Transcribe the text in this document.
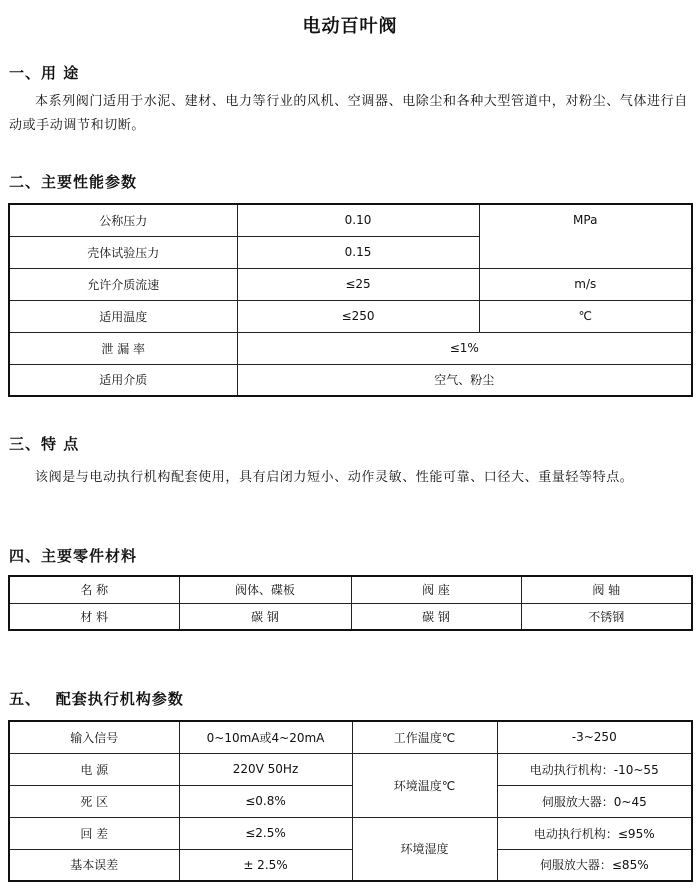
电动百叶阀
一、用 途
本系列阀门适用于水泥、建材、电力等行业的风机、空调器、电除尘和各种大型管道中，对粉尘、气体进行自动或手动调节和切断。
二、主要性能参数
公称压力	0.10	MPa
壳体试验压力	0.15	
允许介质流速	≤25	m/s
适用温度	≤250	℃
泄 漏 率	≤1%	
适用介质	空气、粉尘	
三、特 点
该阀是与电动执行机构配套使用，具有启闭力短小、动作灵敏、性能可靠、口径大、重量轻等特点。
四、主要零件材料
名 称	阀体、碟板	阀 座	阀 轴
材 料	碳 钢	碳 钢	不锈钢
五、　 配套执行机构参数
输入信号	0~10mA或4~20mA	工作温度℃	-3~250
电 源	220V 50Hz	环境温度℃	电动执行机构：-10~55
死 区	≤0.8%		伺服放大器：0~45
回 差	≤2.5%	环境湿度	电动执行机构：≤95%
基本误差	± 2.5%		伺服放大器：≤85%
